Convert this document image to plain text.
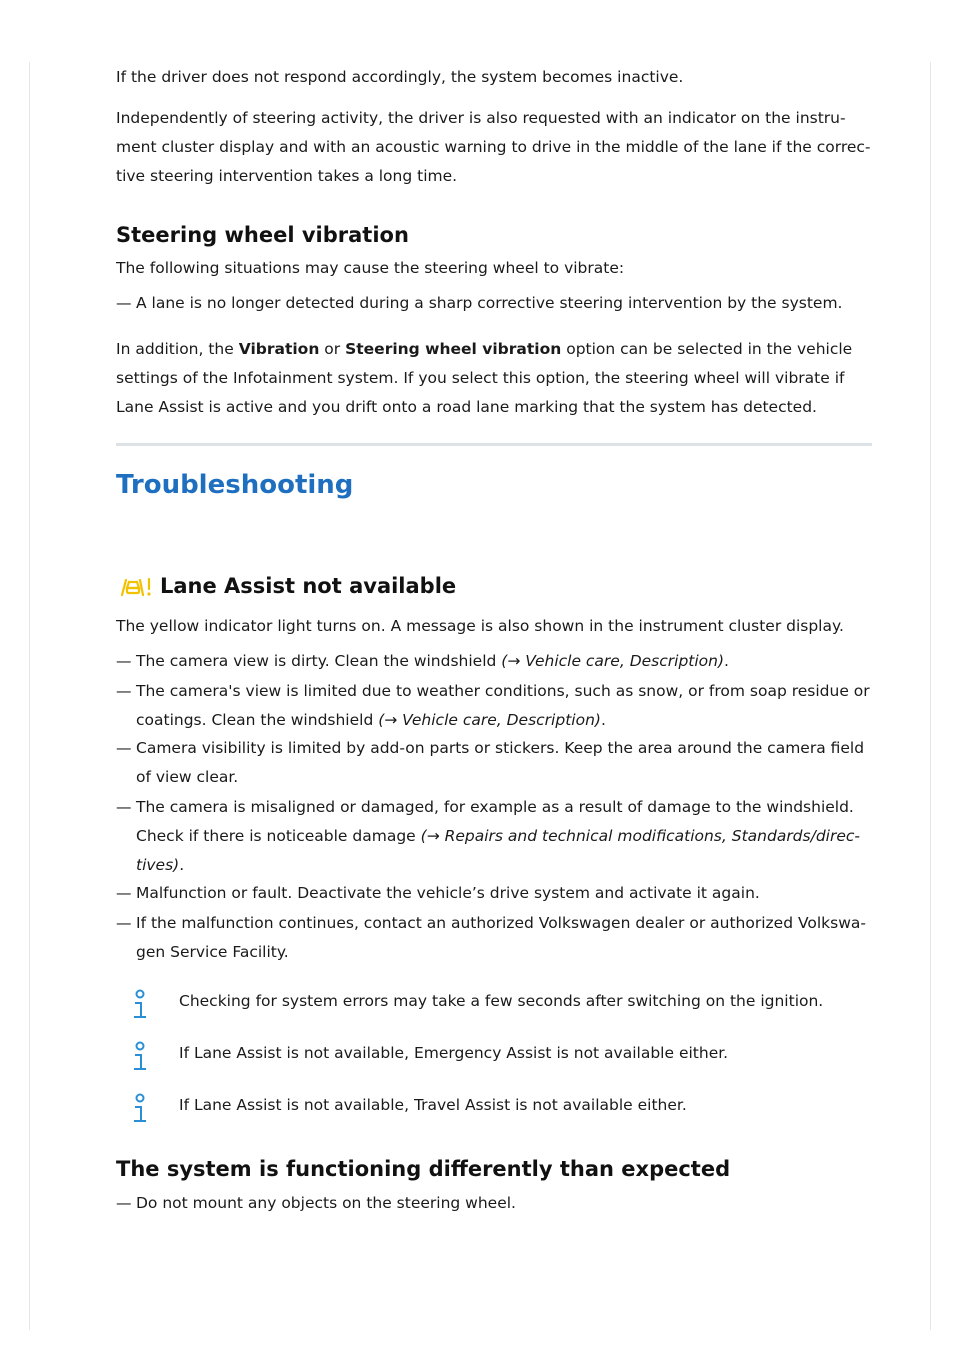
If the driver does not respond accordingly, the system becomes inactive.

Independently of steering activity, the driver is also requested with an indicator on the instru-ment cluster display and with an acoustic warning to drive in the middle of the lane if the correc-tive steering intervention takes a long time.

Steering wheel vibration

The following situations may cause the steering wheel to vibrate:

— A lane is no longer detected during a sharp corrective steering intervention by the system.

In addition, the Vibration or Steering wheel vibration option can be selected in the vehicle settings of the Infotainment system. If you select this option, the steering wheel will vibrate if Lane Assist is active and you drift onto a road lane marking that the system has detected.

Troubleshooting
Lane Assist not available

The yellow indicator light turns on. A message is also shown in the instrument cluster display.

— The camera view is dirty. Clean the windshield (→ Vehicle care, Description).
— The camera's view is limited due to weather conditions, such as snow, or from soap residue or coatings. Clean the windshield (→ Vehicle care, Description).
— Camera visibility is limited by add-on parts or stickers. Keep the area around the camera field of view clear.
— The camera is misaligned or damaged, for example as a result of damage to the windshield. Check if there is noticeable damage (→ Repairs and technical modifications, Standards/direc-tives).
— Malfunction or fault. Deactivate the vehicle’s drive system and activate it again.
— If the malfunction continues, contact an authorized Volkswagen dealer or authorized Volkswa-gen Service Facility.
Checking for system errors may take a few seconds after switching on the ignition.
If Lane Assist is not available, Emergency Assist is not available either.
If Lane Assist is not available, Travel Assist is not available either.
The system is functioning differently than expected
— Do not mount any objects on the steering wheel.
